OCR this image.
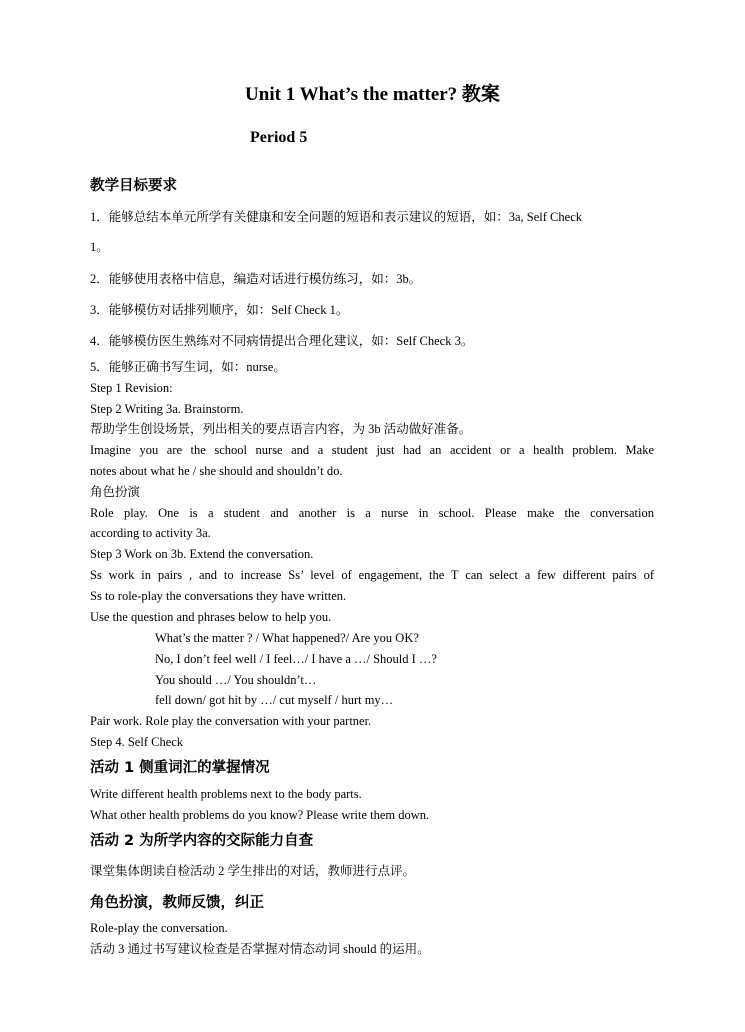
Unit 1 What’s the matter? 教案
Period 5
教学目标要求
1．能够总结本单元所学有关健康和安全问题的短语和表示建议的短语，如：3a, Self Check
1。
2．能够使用表格中信息，编造对话进行模仿练习，如：3b。
3．能够模仿对话排列顺序，如：Self Check 1。
4．能够模仿医生熟练对不同病情提出合理化建议，如：Self Check 3。
5．能够正确书写生词，如：nurse。
Step 1 Revision:
Step 2 Writing 3a. Brainstorm.
帮助学生创设场景，列出相关的要点语言内容，为 3b 活动做好准备。
Imagine you are the school nurse and a student just had an accident or a health problem. Make
notes about what he / she should and shouldn’t do.
角色扮演
Role play. One is a student and another is a nurse in school. Please make the conversation
according to activity 3a.
Step 3 Work on 3b. Extend the conversation.
Ss work in pairs , and to increase Ss’ level of engagement, the T can select a few different pairs of
Ss to role-play the conversations they have written.
Use the question and phrases below to help you.
What’s the matter ? / What happened?/ Are you OK?
No, I don’t feel well / I feel…/ I have a …/ Should I …?
You should …/ You shouldn’t…
fell down/ got hit by …/ cut myself / hurt my…
Pair work. Role play the conversation with your partner.
Step 4. Self Check
活动 1 侧重词汇的掌握情况
Write different health problems next to the body parts.
What other health problems do you know? Please write them down.
活动 2 为所学内容的交际能力自查
课堂集体朗读自检活动 2 学生排出的对话，教师进行点评。
角色扮演，教师反馈，纠正
Role-play the conversation.
活动 3 通过书写建议检查是否掌握对情态动词 should 的运用。
